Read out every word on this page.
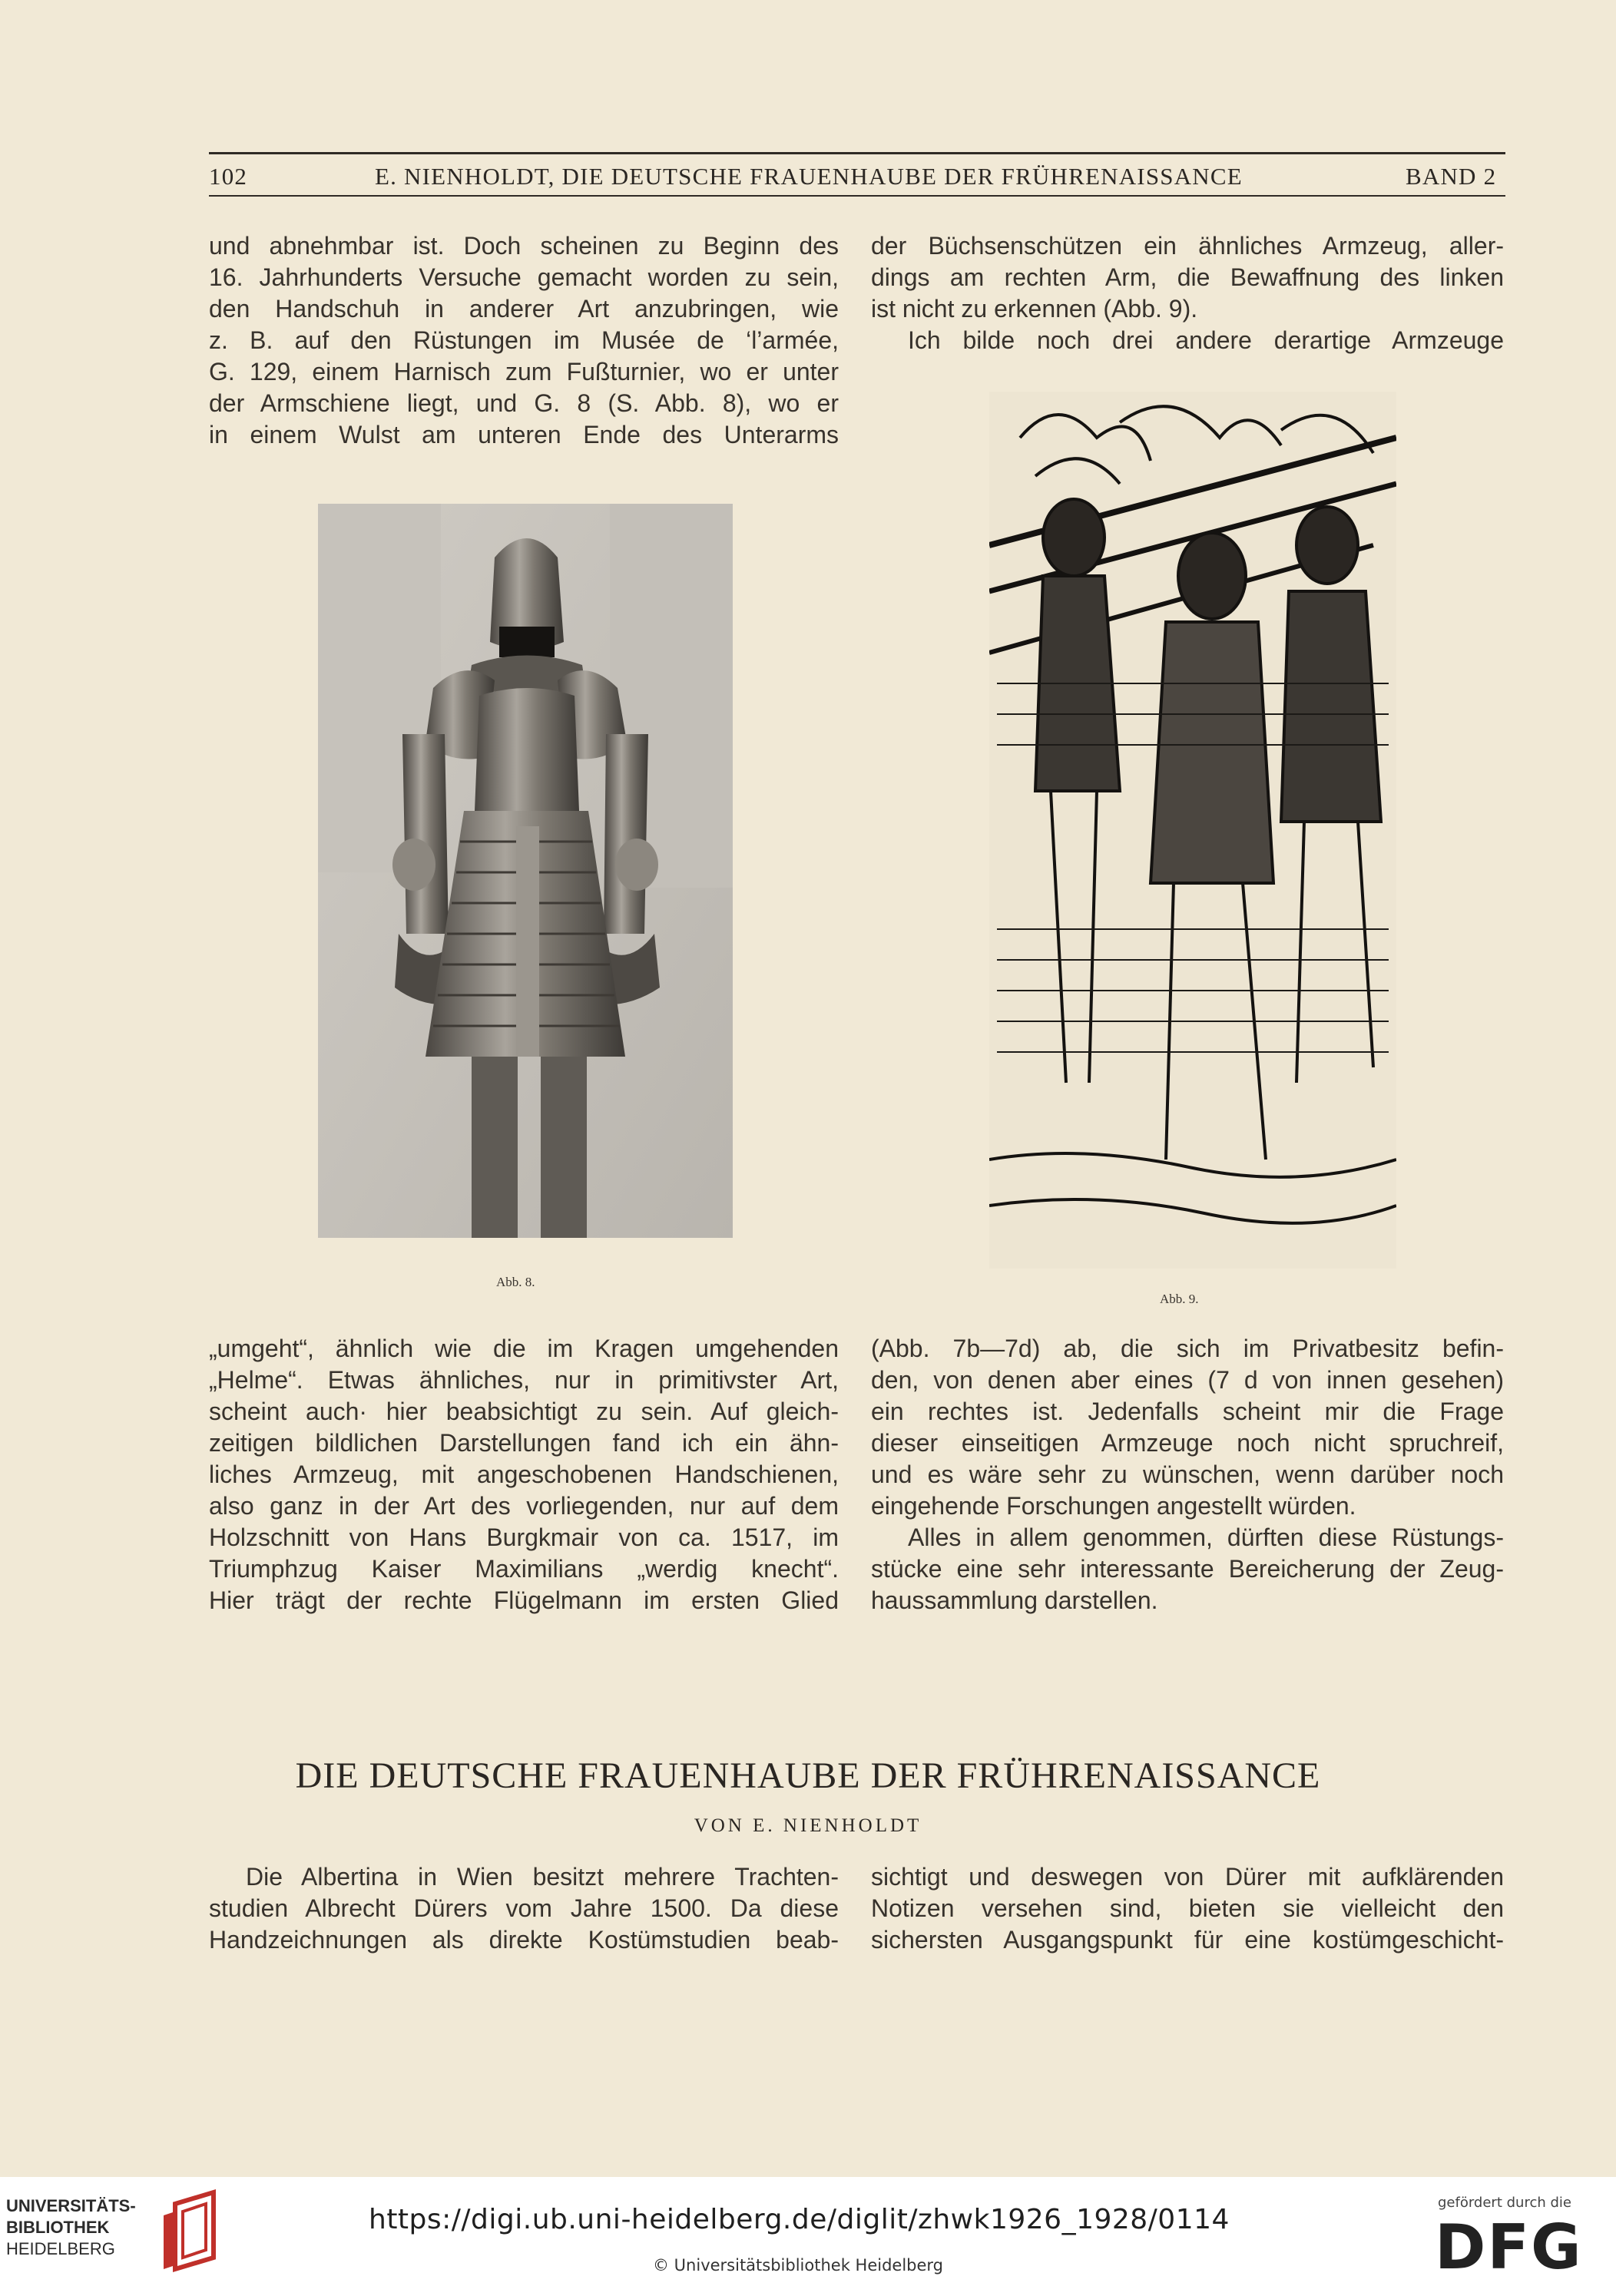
102	E. NIENHOLDT, DIE DEUTSCHE FRAUENHAUBE DER FRÜHRENAISSANCE	BAND 2
und abnehmbar ist. Doch scheinen zu Beginn des
16. Jahrhunderts Versuche gemacht worden zu sein,
den Handschuh in anderer Art anzubringen, wie
z. B. auf den Rüstungen im Musée de ‘l’armée,
G. 129, einem Harnisch zum Fußturnier, wo er unter
der Armschiene liegt, und G. 8 (S. Abb. 8), wo er
in einem Wulst am unteren Ende des Unterarms
der Büchsenschützen ein ähnliches Armzeug, aller-
dings am rechten Arm, die Bewaffnung des linken
ist nicht zu erkennen (Abb. 9).
Ich bilde noch drei andere derartige Armzeuge
Abb. 8.
Abb. 9.
„umgeht“, ähnlich wie die im Kragen umgehenden
„Helme“. Etwas ähnliches, nur in primitivster Art,
scheint auch· hier beabsichtigt zu sein. Auf gleich-
zeitigen bildlichen Darstellungen fand ich ein ähn-
liches Armzeug, mit angeschobenen Handschienen,
also ganz in der Art des vorliegenden, nur auf dem
Holzschnitt von Hans Burgkmair von ca. 1517, im
Triumphzug Kaiser Maximilians „werdig knecht“.
Hier trägt der rechte Flügelmann im ersten Glied
(Abb. 7b—7d) ab, die sich im Privatbesitz befin-
den, von denen aber eines (7 d von innen gesehen)
ein rechtes ist. Jedenfalls scheint mir die Frage
dieser einseitigen Armzeuge noch nicht spruchreif,
und es wäre sehr zu wünschen, wenn darüber noch
eingehende Forschungen angestellt würden.
Alles in allem genommen, dürften diese Rüstungs-
stücke eine sehr interessante Bereicherung der Zeug-
haussammlung darstellen.
DIE DEUTSCHE FRAUENHAUBE DER FRÜHRENAISSANCE
VON E. NIENHOLDT
Die Albertina in Wien besitzt mehrere Trachten-
studien Albrecht Dürers vom Jahre 1500. Da diese
Handzeichnungen als direkte Kostümstudien beab-
sichtigt und deswegen von Dürer mit aufklärenden
Notizen versehen sind, bieten sie vielleicht den
sichersten Ausgangspunkt für eine kostümgeschicht-
UNIVERSITÄTS-
BIBLIOTHEK
HEIDELBERG
https://digi.ub.uni-heidelberg.de/diglit/zhwk1926_1928/0114
© Universitätsbibliothek Heidelberg
gefördert durch die
DFG
